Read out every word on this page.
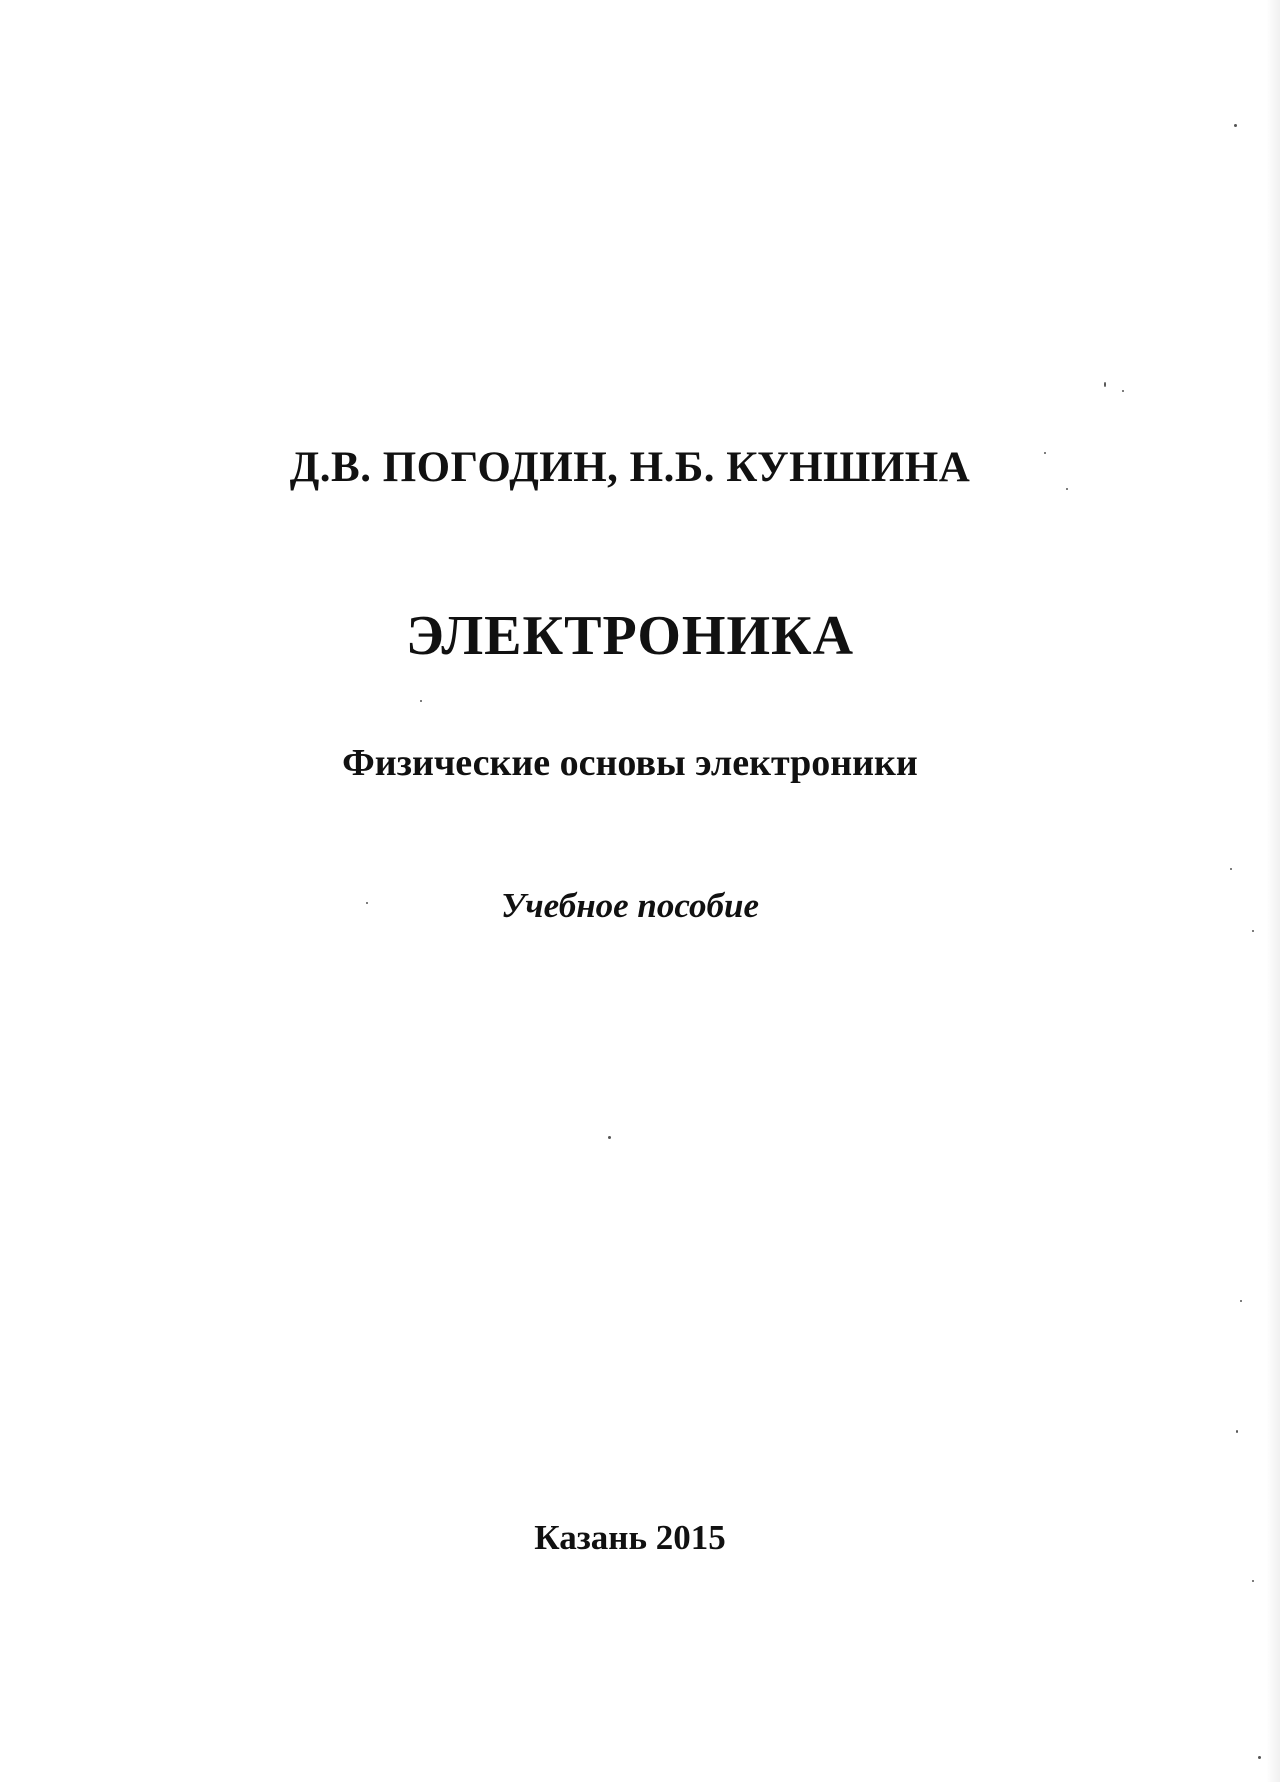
Д.В. ПОГОДИН, Н.Б. КУНШИНА
ЭЛЕКТРОНИКА
Физические основы электроники
Учебное пособие
Казань 2015
